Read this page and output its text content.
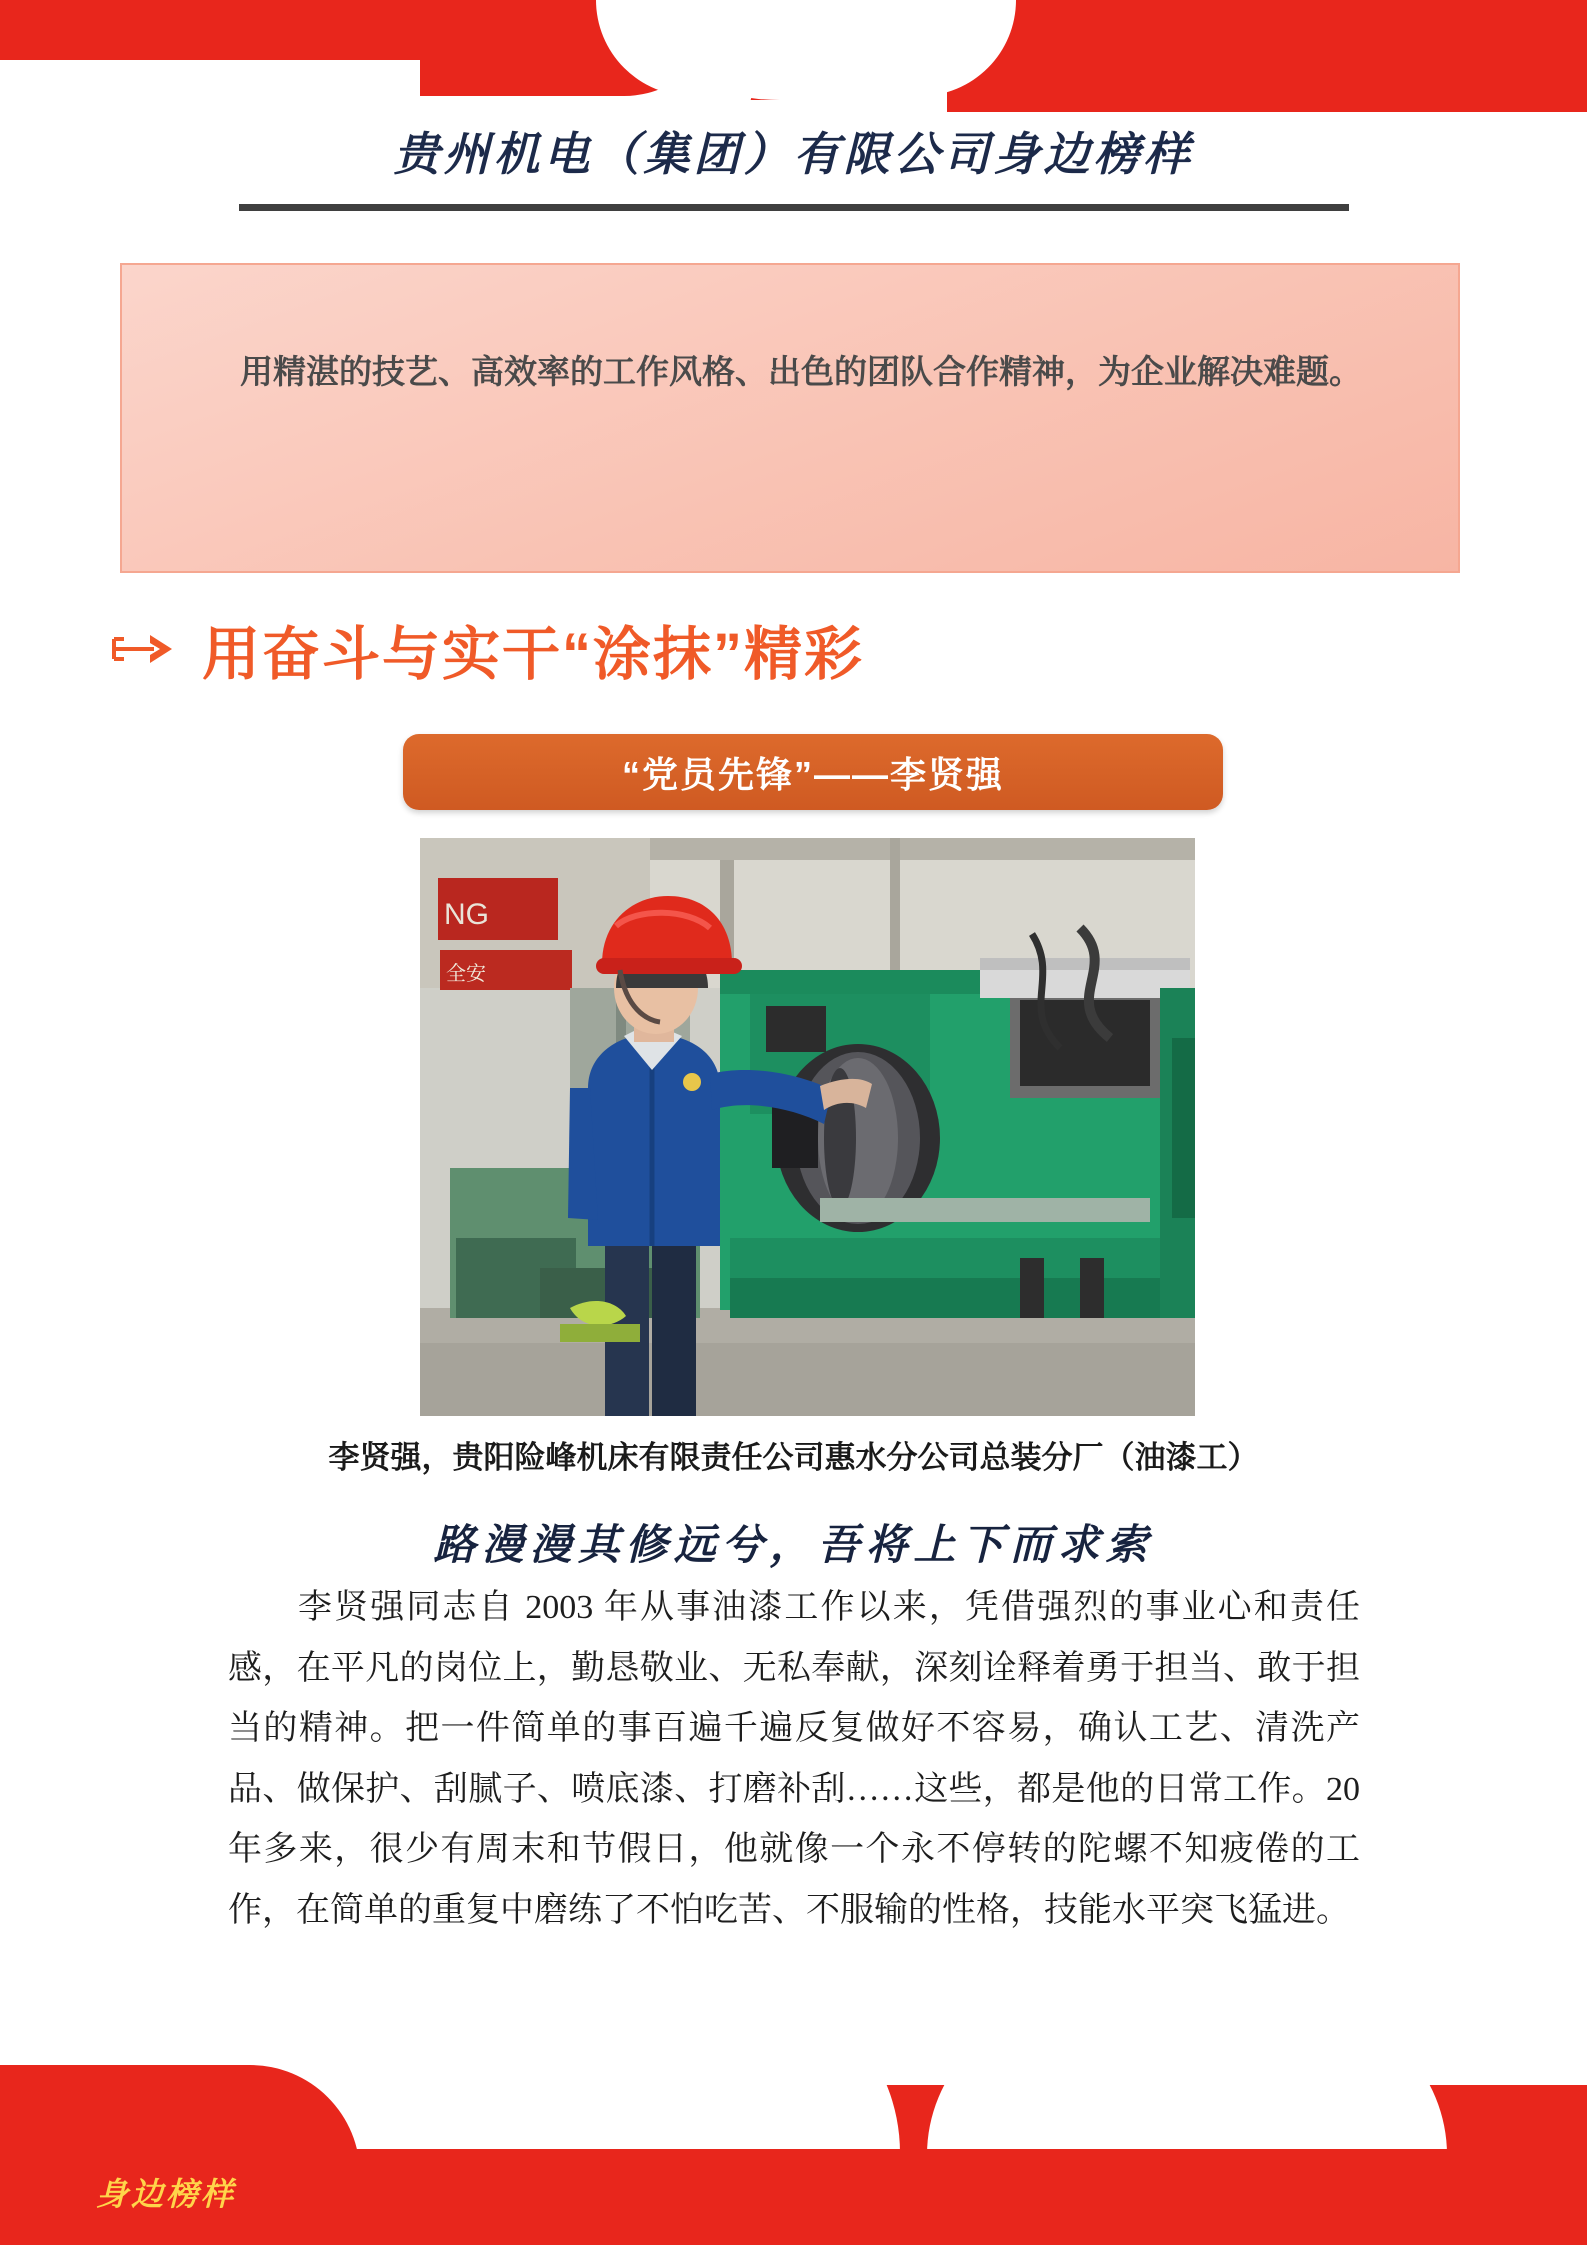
贵州机电（集团）有限公司身边榜样
用精湛的技艺、高效率的工作风格、出色的团队合作精神，为企业解决难题。
用奋斗与实干“涂抹”精彩
“党员先锋”——李贤强
NG
全安
李贤强，贵阳险峰机床有限责任公司惠水分公司总装分厂（油漆工）
路漫漫其修远兮，吾将上下而求索
李贤强同志自 2003 年从事油漆工作以来，凭借强烈的事业心和责任感，在平凡的岗位上，勤恳敬业、无私奉献，深刻诠释着勇于担当、敢于担当的精神。把一件简单的事百遍千遍反复做好不容易，确认工艺、清洗产品、做保护、刮腻子、喷底漆、打磨补刮……这些，都是他的日常工作。20 年多来，很少有周末和节假日，他就像一个永不停转的陀螺不知疲倦的工作，在简单的重复中磨练了不怕吃苦、不服输的性格，技能水平突飞猛进。
身边榜样
